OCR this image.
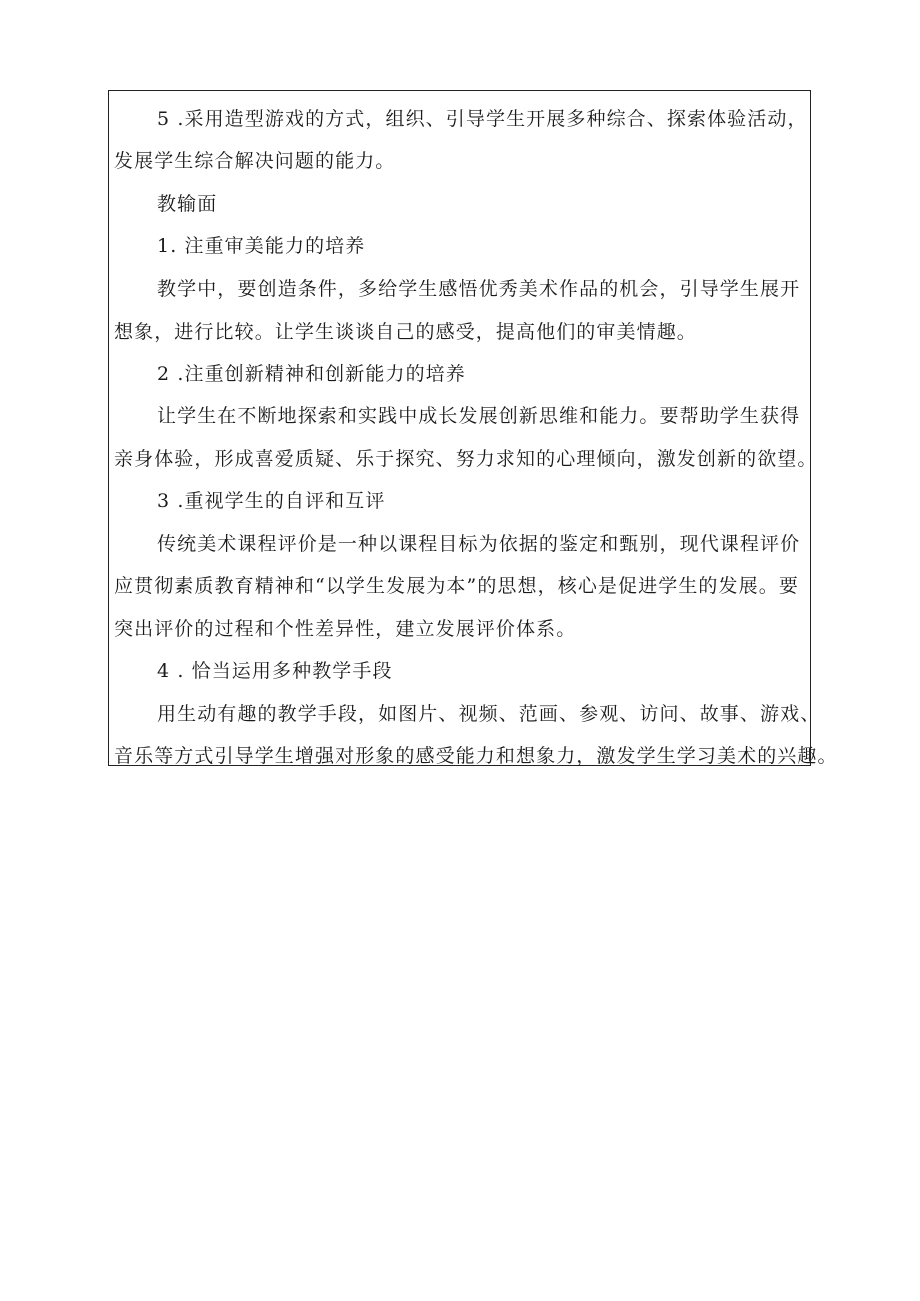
5 .采用造型游戏的方式，组织、引导学生开展多种综合、探索体验活动，
发展学生综合解决问题的能力。
教输面
1. 注重审美能力的培养
教学中，要创造条件，多给学生感悟优秀美术作品的机会，引导学生展开
想象，进行比较。让学生谈谈自己的感受，提高他们的审美情趣。
2 .注重创新精神和创新能力的培养
让学生在不断地探索和实践中成长发展创新思维和能力。要帮助学生获得
亲身体验，形成喜爱质疑、乐于探究、努力求知的心理倾向，激发创新的欲望。
3 .重视学生的自评和互评
传统美术课程评价是一种以课程目标为依据的鉴定和甄别，现代课程评价
应贯彻素质教育精神和“以学生发展为本”的思想，核心是促进学生的发展。要
突出评价的过程和个性差异性，建立发展评价体系。
4 . 恰当运用多种教学手段
用生动有趣的教学手段，如图片、视频、范画、参观、访问、故事、游戏、
音乐等方式引导学生增强对形象的感受能力和想象力，激发学生学习美术的兴趣。
